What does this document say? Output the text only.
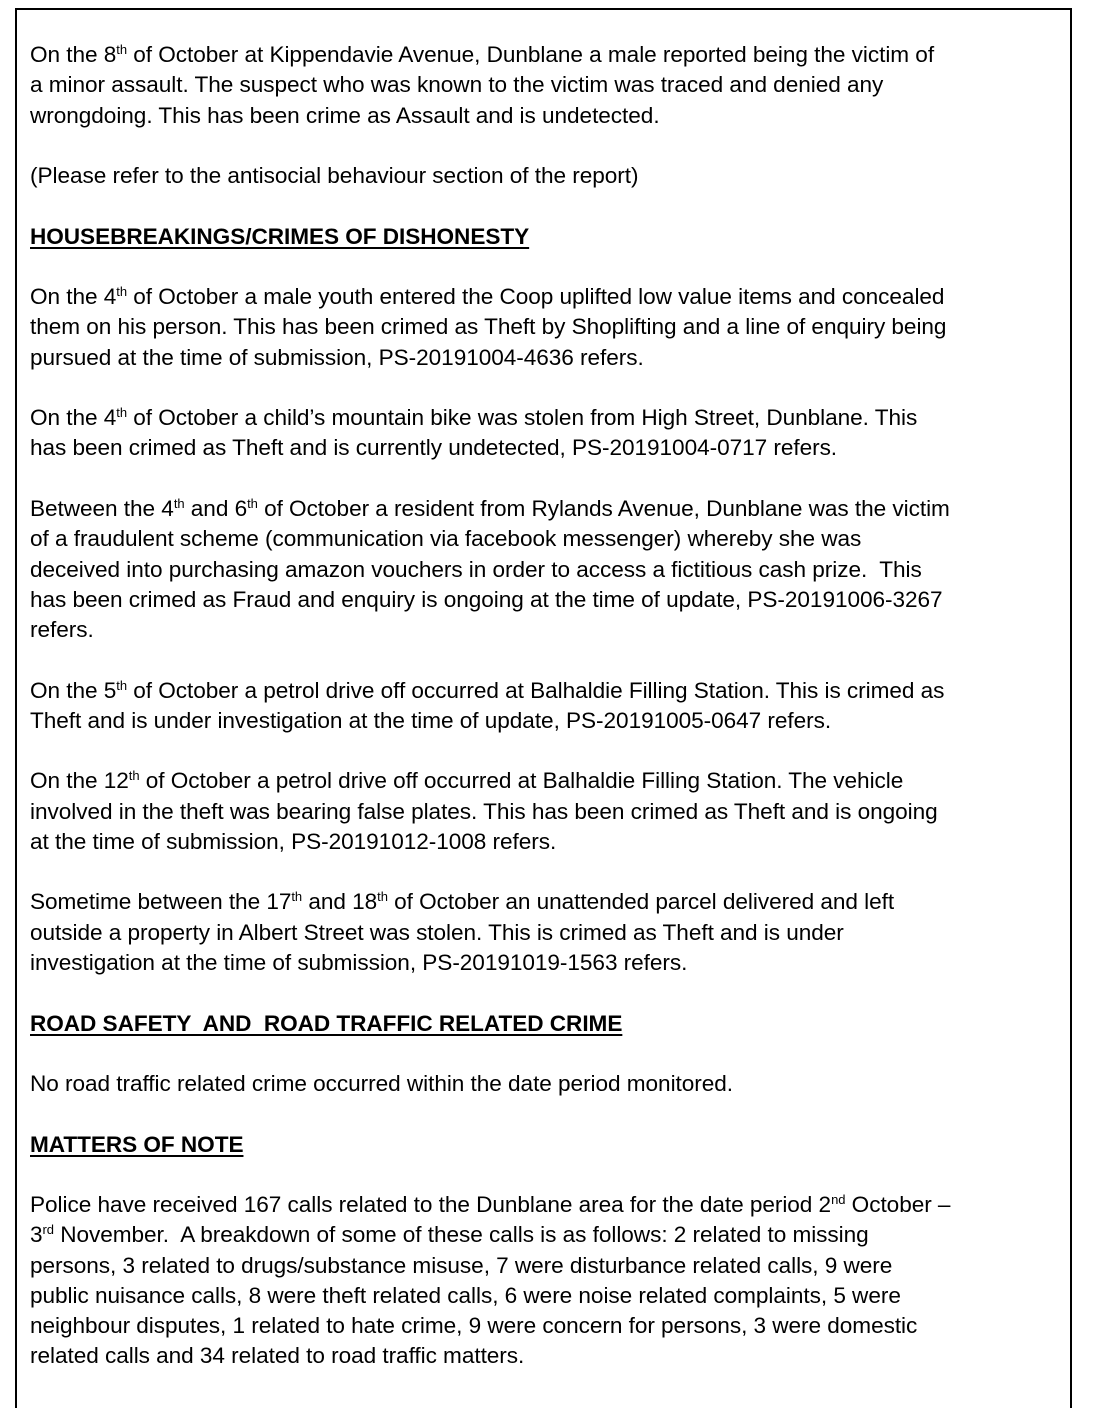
On the 8th of October at Kippendavie Avenue, Dunblane a male reported being the victim of
a minor assault. The suspect who was known to the victim was traced and denied any
wrongdoing. This has been crime as Assault and is undetected.
(Please refer to the antisocial behaviour section of the report)
HOUSEBREAKINGS/CRIMES OF DISHONESTY
On the 4th of October a male youth entered the Coop uplifted low value items and concealed
them on his person. This has been crimed as Theft by Shoplifting and a line of enquiry being
pursued at the time of submission, PS-20191004-4636 refers.
On the 4th of October a child’s mountain bike was stolen from High Street, Dunblane. This
has been crimed as Theft and is currently undetected, PS-20191004-0717 refers.
Between the 4th and 6th of October a resident from Rylands Avenue, Dunblane was the victim
of a fraudulent scheme (communication via facebook messenger) whereby she was
deceived into purchasing amazon vouchers in order to access a fictitious cash prize.  This
has been crimed as Fraud and enquiry is ongoing at the time of update, PS-20191006-3267
refers.
On the 5th of October a petrol drive off occurred at Balhaldie Filling Station. This is crimed as
Theft and is under investigation at the time of update, PS-20191005-0647 refers.
On the 12th of October a petrol drive off occurred at Balhaldie Filling Station. The vehicle
involved in the theft was bearing false plates. This has been crimed as Theft and is ongoing
at the time of submission, PS-20191012-1008 refers.
Sometime between the 17th and 18th of October an unattended parcel delivered and left
outside a property in Albert Street was stolen. This is crimed as Theft and is under
investigation at the time of submission, PS-20191019-1563 refers.
ROAD SAFETY  AND  ROAD TRAFFIC RELATED CRIME
No road traffic related crime occurred within the date period monitored.
MATTERS OF NOTE
Police have received 167 calls related to the Dunblane area for the date period 2nd October –
3rd November.  A breakdown of some of these calls is as follows: 2 related to missing
persons, 3 related to drugs/substance misuse, 7 were disturbance related calls, 9 were
public nuisance calls, 8 were theft related calls, 6 were noise related complaints, 5 were
neighbour disputes, 1 related to hate crime, 9 were concern for persons, 3 were domestic
related calls and 34 related to road traffic matters.
